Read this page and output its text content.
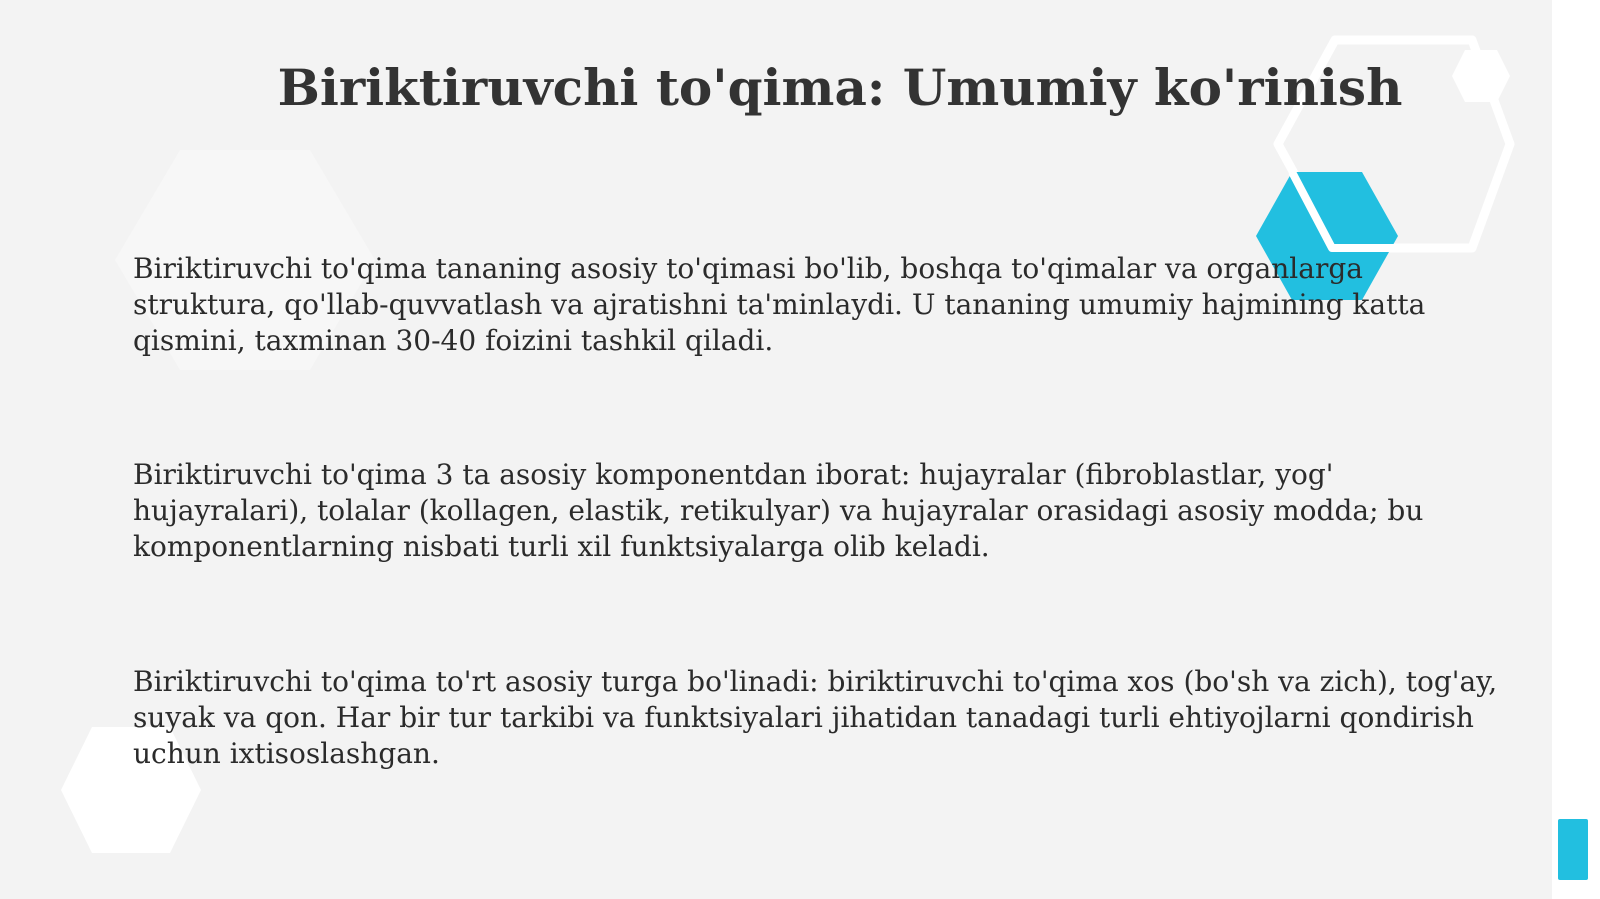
Biriktiruvchi to'qima: Umumiy ko'rinish

Biriktiruvchi to'qima tananing asosiy to'qimasi bo'lib, boshqa to'qimalar va organlarga struktura, qo'llab-quvvatlash va ajratishni ta'minlaydi. U tananing umumiy hajmining katta qismini, taxminan 30-40 foizini tashkil qiladi.

Biriktiruvchi to'qima 3 ta asosiy komponentdan iborat: hujayralar (fibroblastlar, yog' hujayralari), tolalar (kollagen, elastik, retikulyar) va hujayralar orasidagi asosiy modda; bu komponentlarning nisbati turli xil funktsiyalarga olib keladi.

Biriktiruvchi to'qima to'rt asosiy turga bo'linadi: biriktiruvchi to'qima xos (bo'sh va zich), tog'ay, suyak va qon. Har bir tur tarkibi va funktsiyalari jihatidan tanadagi turli ehtiyojlarni qondirish uchun ixtisoslashgan.
